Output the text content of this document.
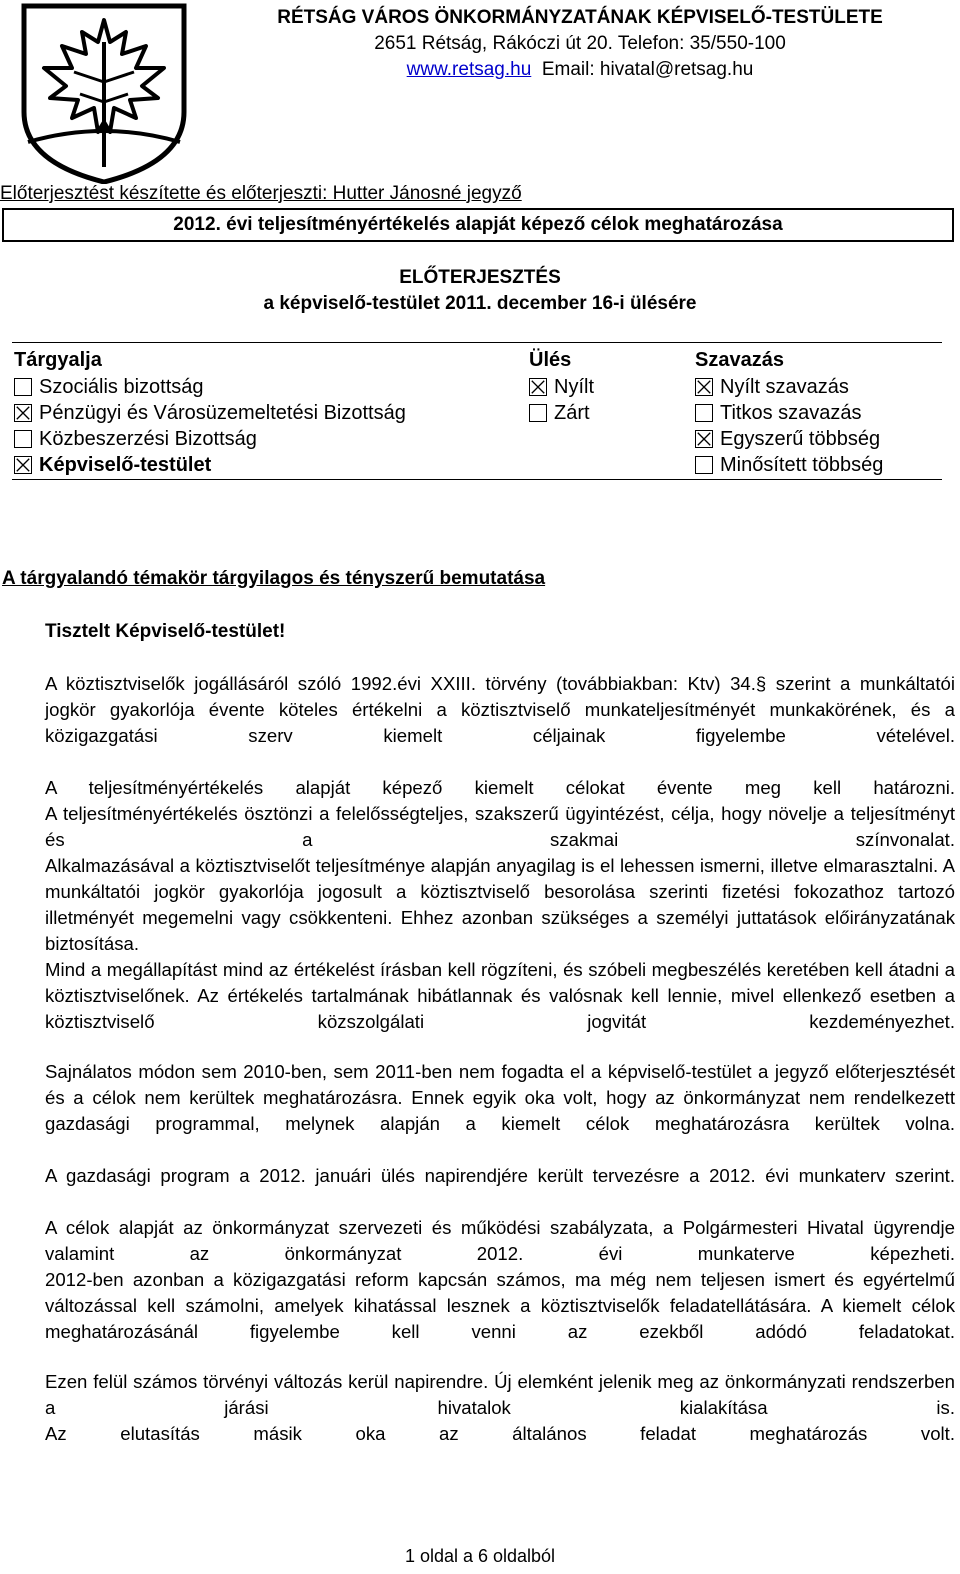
RÉTSÁG VÁROS ÖNKORMÁNYZATÁNAK KÉPVISELŐ-TESTÜLETE
2651 Rétság, Rákóczi út 20. Telefon: 35/550-100
www.retsag.hu Email: hivatal@retsag.hu
Előterjesztést készítette és előterjeszti: Hutter Jánosné jegyző
2012. évi teljesítményértékelés alapját képező célok meghatározása
ELŐTERJESZTÉS
a képviselő-testület 2011. december 16-i ülésére
Tárgyalja	Ülés	Szavazás
Szociális bizottság
Pénzügyi és Városüzemeltetési Bizottság
Közbeszerzési Bizottság
Képviselő-testület
Nyílt
Zárt
Nyílt szavazás
Titkos szavazás
Egyszerű többség
Minősített többség
A tárgyalandó témakör tárgyilagos és tényszerű bemutatása
Tisztelt Képviselő-testület!
A köztisztviselők jogállásáról szóló 1992.évi XXIII. törvény (továbbiakban: Ktv) 34.§ szerint a munkáltatói jogkör gyakorlója évente köteles értékelni a köztisztviselő munkateljesítményét munkakörének, és a közigazgatási szerv kiemelt céljainak figyelembe vételével.
A teljesítményértékelés alapját képező kiemelt célokat évente meg kell határozni.
A teljesítményértékelés ösztönzi a felelősségteljes, szakszerű ügyintézést, célja, hogy növelje a teljesítményt és a szakmai színvonalat.
Alkalmazásával a köztisztviselőt teljesítménye alapján anyagilag is el lehessen ismerni, illetve elmarasztalni. A munkáltatói jogkör gyakorlója jogosult a köztisztviselő besorolása szerinti fizetési fokozathoz tartozó illetményét megemelni vagy csökkenteni. Ehhez azonban szükséges a személyi juttatások előirányzatának biztosítása.
Mind a megállapítást mind az értékelést írásban kell rögzíteni, és szóbeli megbeszélés keretében kell átadni a köztisztviselőnek. Az értékelés tartalmának hibátlannak és valósnak kell lennie, mivel ellenkező esetben a köztisztviselő közszolgálati jogvitát kezdeményezhet.
Sajnálatos módon sem 2010-ben, sem 2011-ben nem fogadta el a képviselő-testület a jegyző előterjesztését és a célok nem kerültek meghatározásra. Ennek egyik oka volt, hogy az önkormányzat nem rendelkezett gazdasági programmal, melynek alapján a kiemelt célok meghatározásra kerültek volna.
A gazdasági program a 2012. januári ülés napirendjére került tervezésre a 2012. évi munkaterv szerint.
A célok alapját az önkormányzat szervezeti és működési szabályzata, a Polgármesteri Hivatal ügyrendje valamint az önkormányzat 2012. évi munkaterve képezheti.
2012-ben azonban a közigazgatási reform kapcsán számos, ma még nem teljesen ismert és egyértelmű változással kell számolni, amelyek kihatással lesznek a köztisztviselők feladatellátására. A kiemelt célok meghatározásánál figyelembe kell venni az ezekből adódó feladatokat.
Ezen felül számos törvényi változás kerül napirendre. Új elemként jelenik meg az önkormányzati rendszerben a járási hivatalok kialakítása is.
Az elutasítás másik oka az általános feladat meghatározás volt.
1 oldal a 6 oldalból
